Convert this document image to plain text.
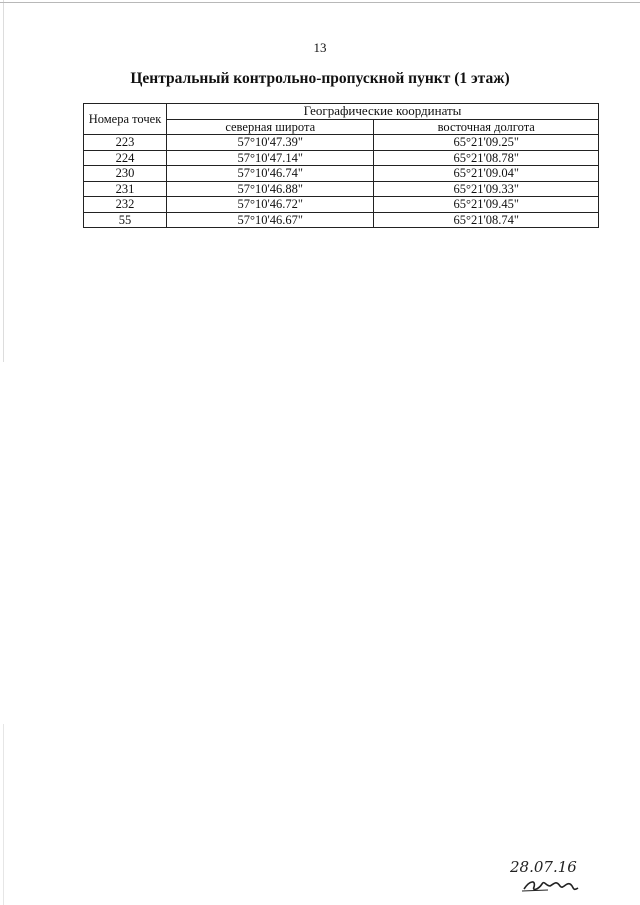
13
Центральный контрольно-пропускной пункт (1 этаж)
Номера точек	Географические координаты	
	северная широта	восточная долгота
223	57°10'47.39"	65°21'09.25"
224	57°10'47.14"	65°21'08.78"
230	57°10'46.74"	65°21'09.04"
231	57°10'46.88"	65°21'09.33"
232	57°10'46.72"	65°21'09.45"
55	57°10'46.67"	65°21'08.74"
28.07.16
